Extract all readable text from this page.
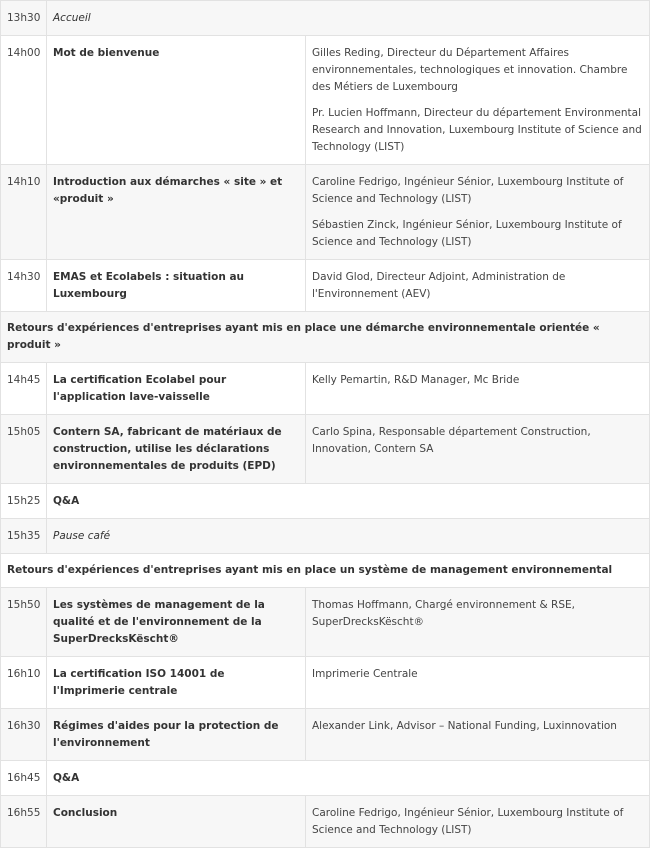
13h30	Accueil	
14h00	Mot de bienvenue	Gilles Reding, Directeur du Département Affaires environnementales, technologiques et innovation. Chambre des Métiers de Luxembourg
Pr. Lucien Hoffmann, Directeur du département Environmental Research and Innovation, Luxembourg Institute of Science and Technology (LIST)

14h10	Introduction aux démarches « site » et «produit »	Caroline Fedrigo, Ingénieur Sénior, Luxembourg Institute of Science and Technology (LIST)
Sébastien Zinck, Ingénieur Sénior, Luxembourg Institute of Science and Technology (LIST)

14h30	EMAS et Ecolabels : situation au Luxembourg	David Glod, Directeur Adjoint, Administration de l'Environnement (AEV)

Retours d'expériences d'entreprises ayant mis en place une démarche environnementale orientée « produit »		
14h45	La certification Ecolabel pour l'application lave-vaisselle	Kelly Pemartin, R&D Manager, Mc Bride

15h05	Contern SA, fabricant de matériaux de construction, utilise les déclarations environnementales de produits (EPD)	Carlo Spina, Responsable département Construction, Innovation, Contern SA

15h25	Q&A	
15h35	Pause café	
Retours d'expériences d'entreprises ayant mis en place un système de management environnemental		
15h50	Les systèmes de management de la qualité et de l'environnement de la SuperDrecksKëscht®	Thomas Hoffmann, Chargé environnement & RSE, SuperDrecksKëscht®

16h10	La certification ISO 14001 de l'Imprimerie centrale	Imprimerie Centrale

16h30	Régimes d'aides pour la protection de l'environnement	Alexander Link, Advisor – National Funding, Luxinnovation

16h45	Q&A	
16h55	Conclusion	Caroline Fedrigo, Ingénieur Sénior, Luxembourg Institute of Science and Technology (LIST)
